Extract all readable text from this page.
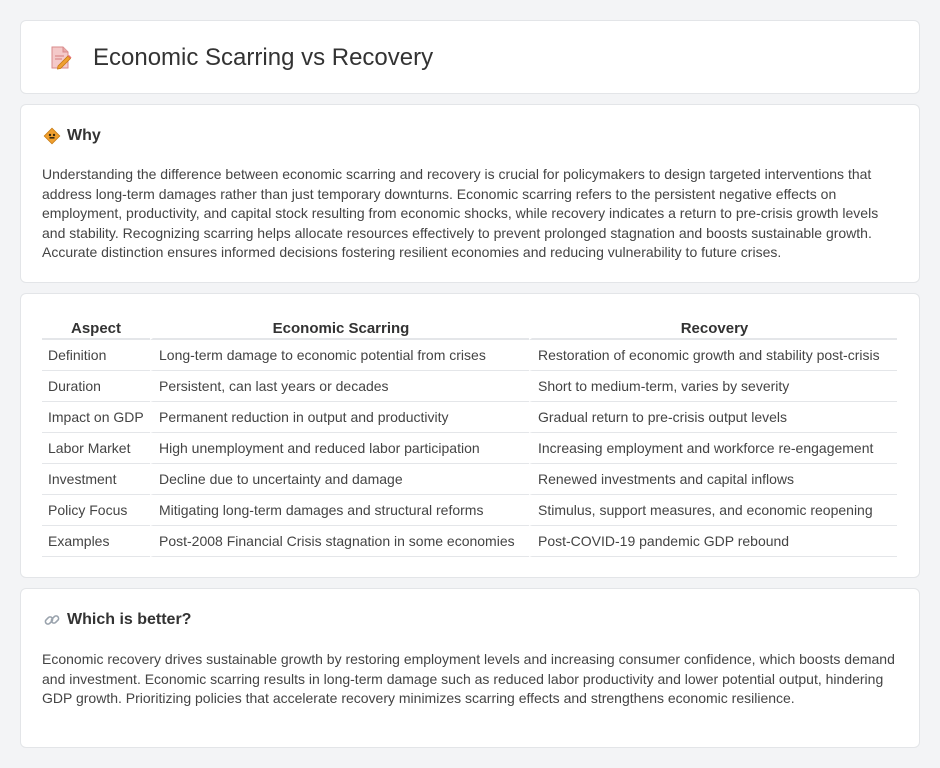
Economic Scarring vs Recovery
Why

Understanding the difference between economic scarring and recovery is crucial for policymakers to design targeted interventions that address long-term damages rather than just temporary downturns. Economic scarring refers to the persistent negative effects on employment, productivity, and capital stock resulting from economic shocks, while recovery indicates a return to pre-crisis growth levels and stability. Recognizing scarring helps allocate resources effectively to prevent prolonged stagnation and boosts sustainable growth. Accurate distinction ensures informed decisions fostering resilient economies and reducing vulnerability to future crises.

Aspect	Economic Scarring	Recovery
Definition	Long-term damage to economic potential from crises	Restoration of economic growth and stability post-crisis
Duration	Persistent, can last years or decades	Short to medium-term, varies by severity
Impact on GDP	Permanent reduction in output and productivity	Gradual return to pre-crisis output levels
Labor Market	High unemployment and reduced labor participation	Increasing employment and workforce re-engagement
Investment	Decline due to uncertainty and damage	Renewed investments and capital inflows
Policy Focus	Mitigating long-term damages and structural reforms	Stimulus, support measures, and economic reopening
Examples	Post-2008 Financial Crisis stagnation in some economies	Post-COVID-19 pandemic GDP rebound
Which is better?

Economic recovery drives sustainable growth by restoring employment levels and increasing consumer confidence, which boosts demand and investment. Economic scarring results in long-term damage such as reduced labor productivity and lower potential output, hindering GDP growth. Prioritizing policies that accelerate recovery minimizes scarring effects and strengthens economic resilience.
